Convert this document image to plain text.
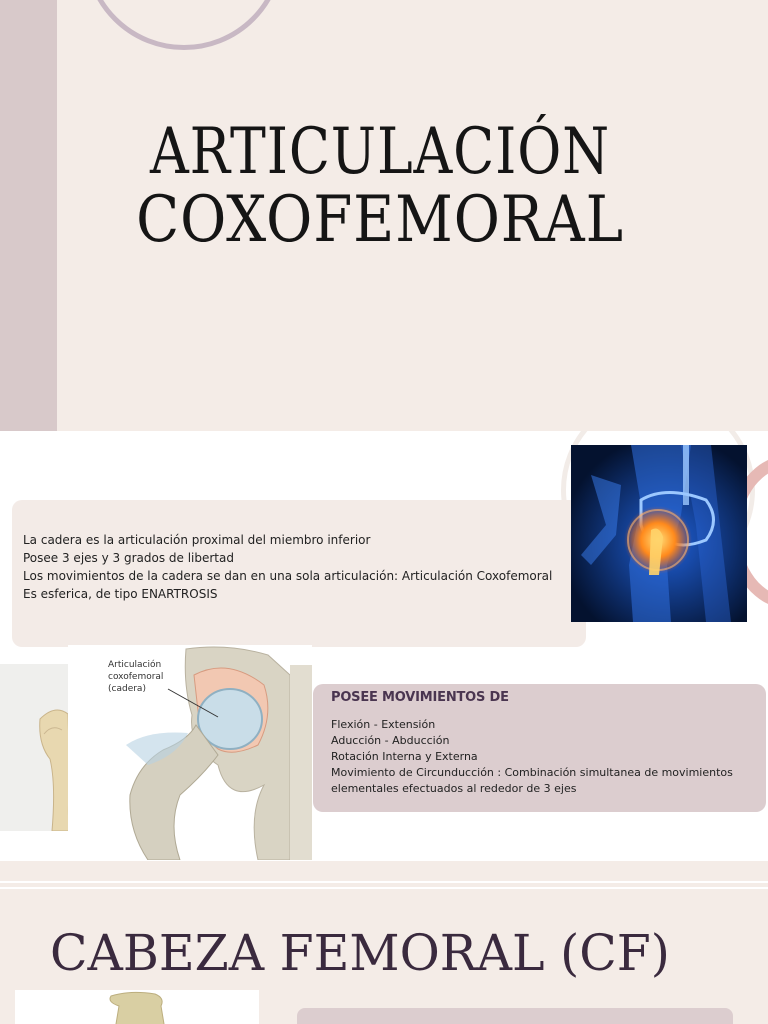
ARTICULACIÓN
COXOFEMORAL
La cadera es la articulación proximal del miembro inferior
Posee 3 ejes y 3 grados de libertad
Los movimientos de la cadera se dan en una sola articulación: Articulación Coxofemoral
Es esferica, de tipo ENARTROSIS
Articulación
coxofemoral
(cadera)
POSEE MOVIMIENTOS DE
Flexión - Extensión
Aducción - Abducción
Rotación Interna y Externa
Movimiento de Circunducción : Combinación simultanea de movimientos
elementales efectuados al rededor de 3 ejes
CABEZA FEMORAL (CF)
